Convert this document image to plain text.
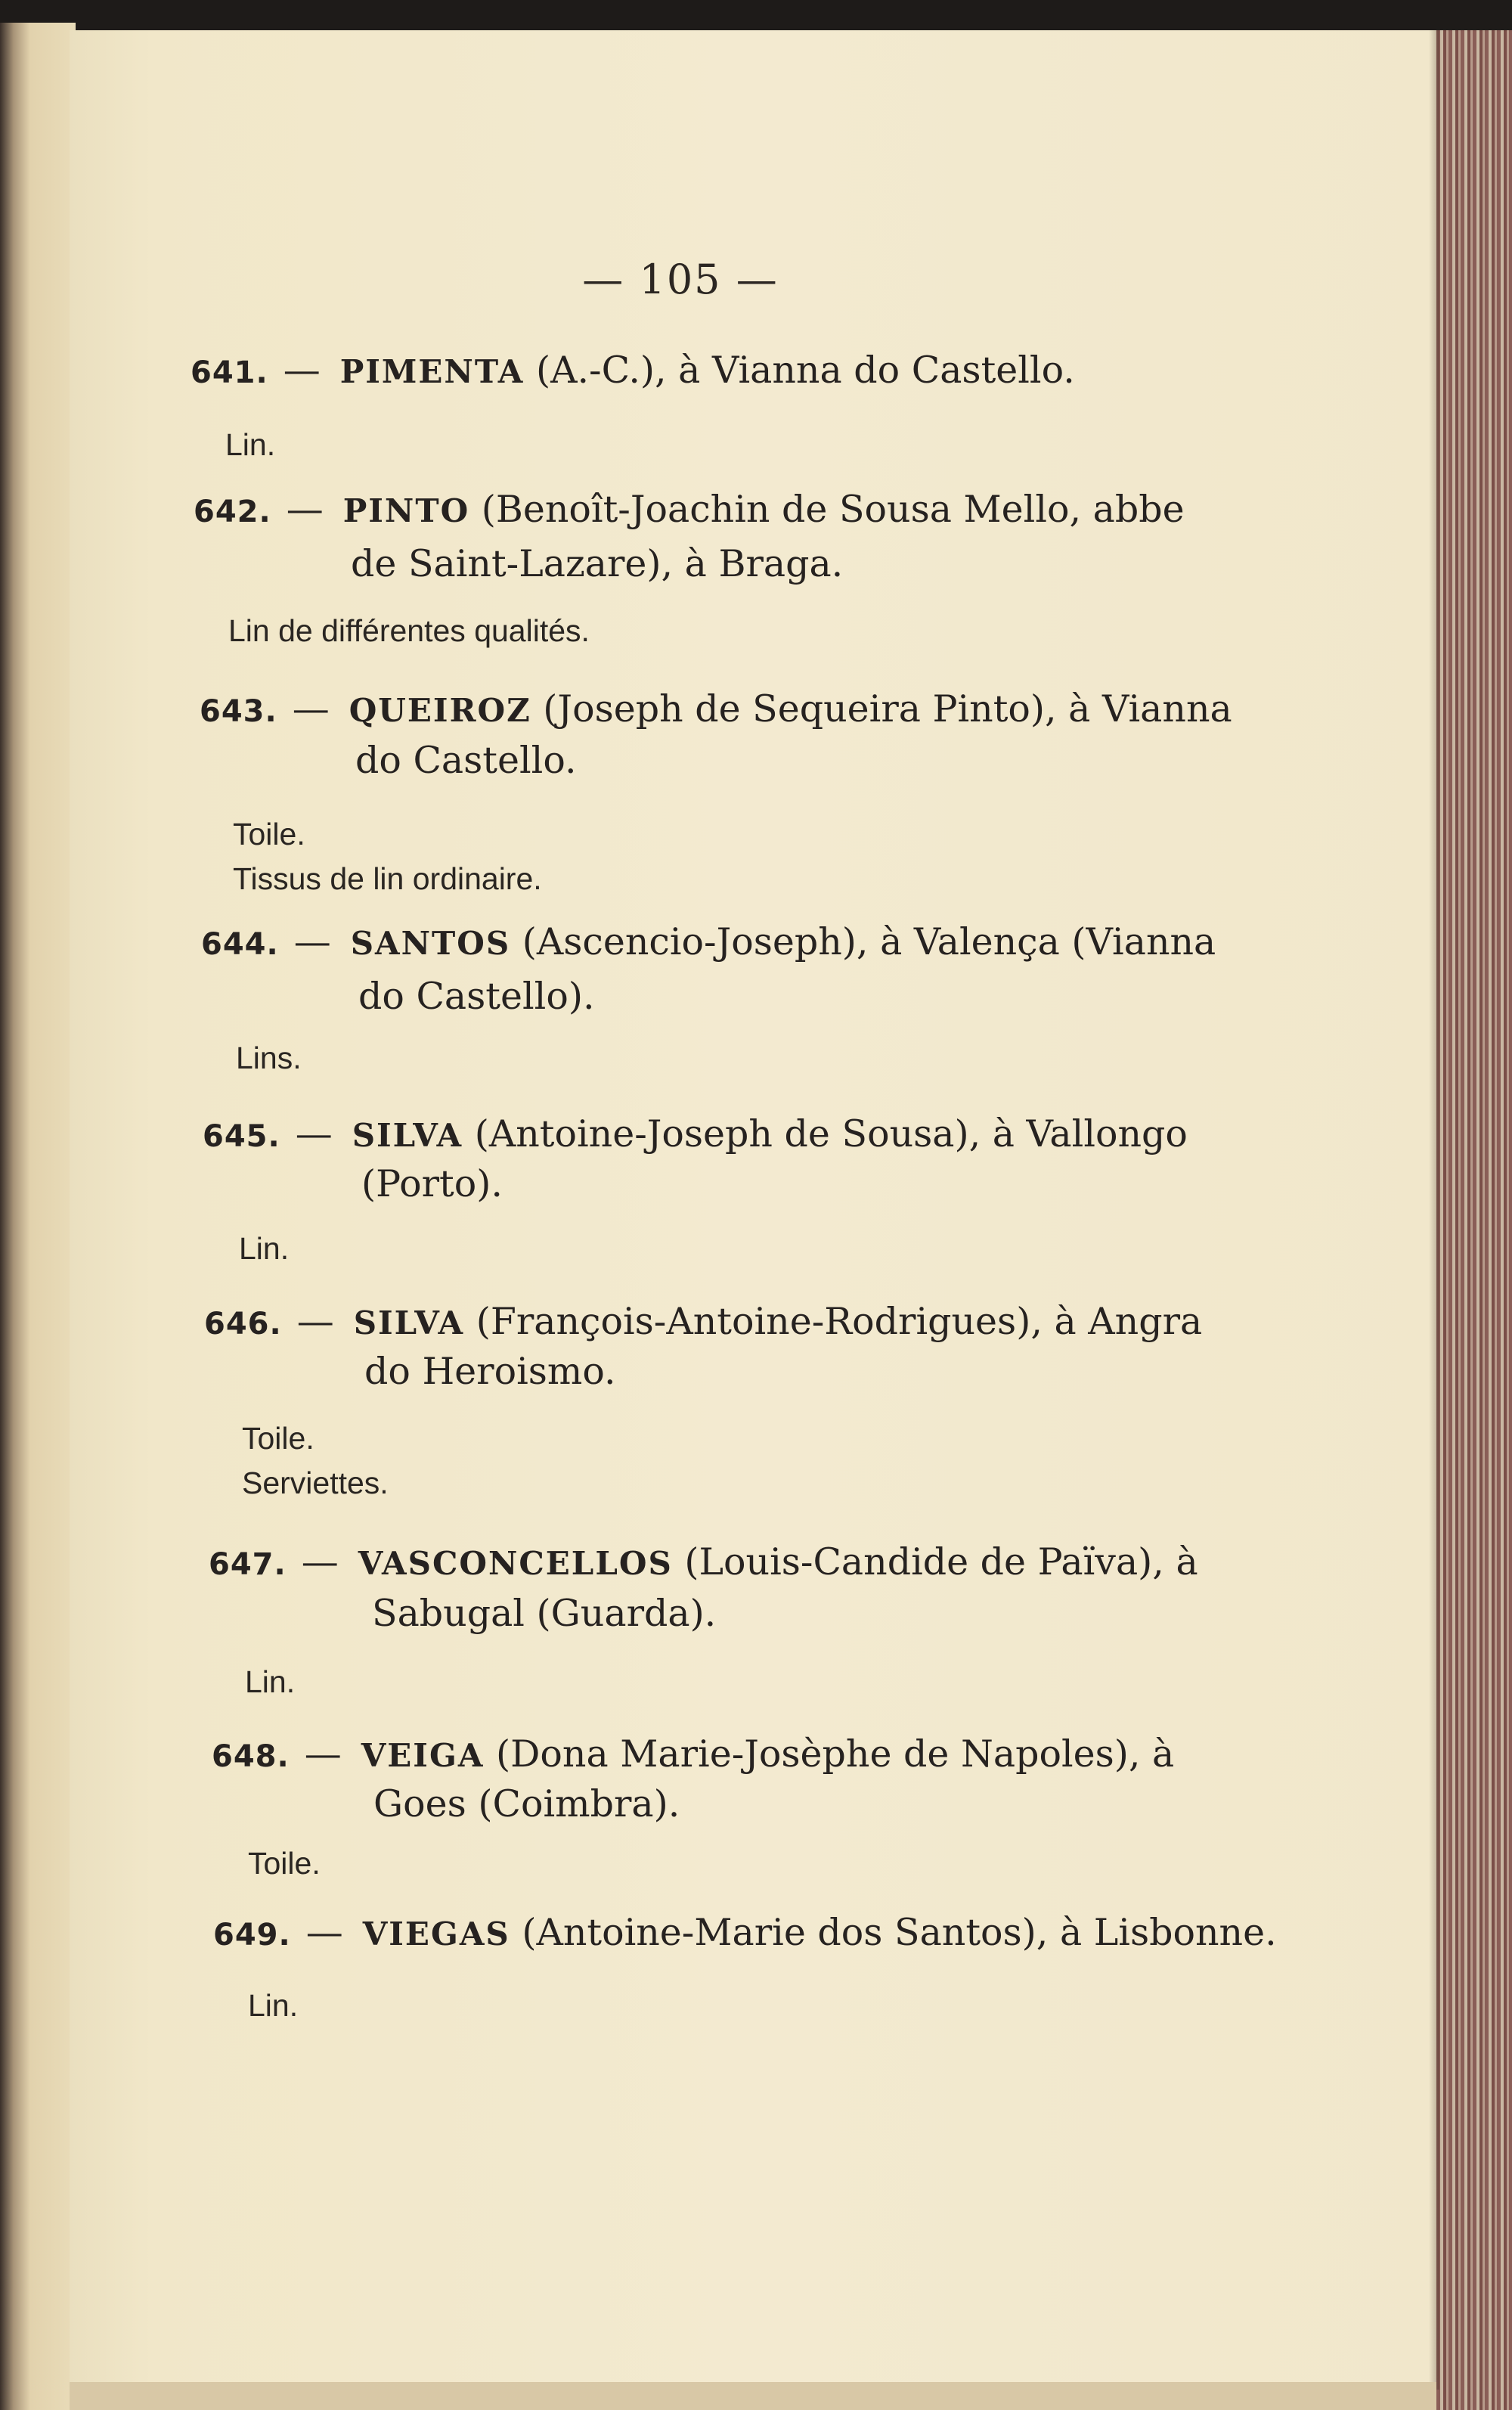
— 105 —
641. — PIMENTA (A.-C.), à Vianna do Castello.
Lin.
642. — PINTO (Benoît-Joachin de Sousa Mello, abbe
de Saint-Lazare), à Braga.
Lin de différentes qualités.
643. — QUEIROZ (Joseph de Sequeira Pinto), à Vianna
do Castello.
Toile.
Tissus de lin ordinaire.
644. — SANTOS (Ascencio-Joseph), à Valença (Vianna
do Castello).
Lins.
645. — SILVA (Antoine-Joseph de Sousa), à Vallongo
(Porto).
Lin.
646. — SILVA (François-Antoine-Rodrigues), à Angra
do Heroismo.
Toile.
Serviettes.
647. — VASCONCELLOS (Louis-Candide de Païva), à
Sabugal (Guarda).
Lin.
648. — VEIGA (Dona Marie-Josèphe de Napoles), à
Goes (Coimbra).
Toile.
649. — VIEGAS (Antoine-Marie dos Santos), à Lisbonne.
Lin.
